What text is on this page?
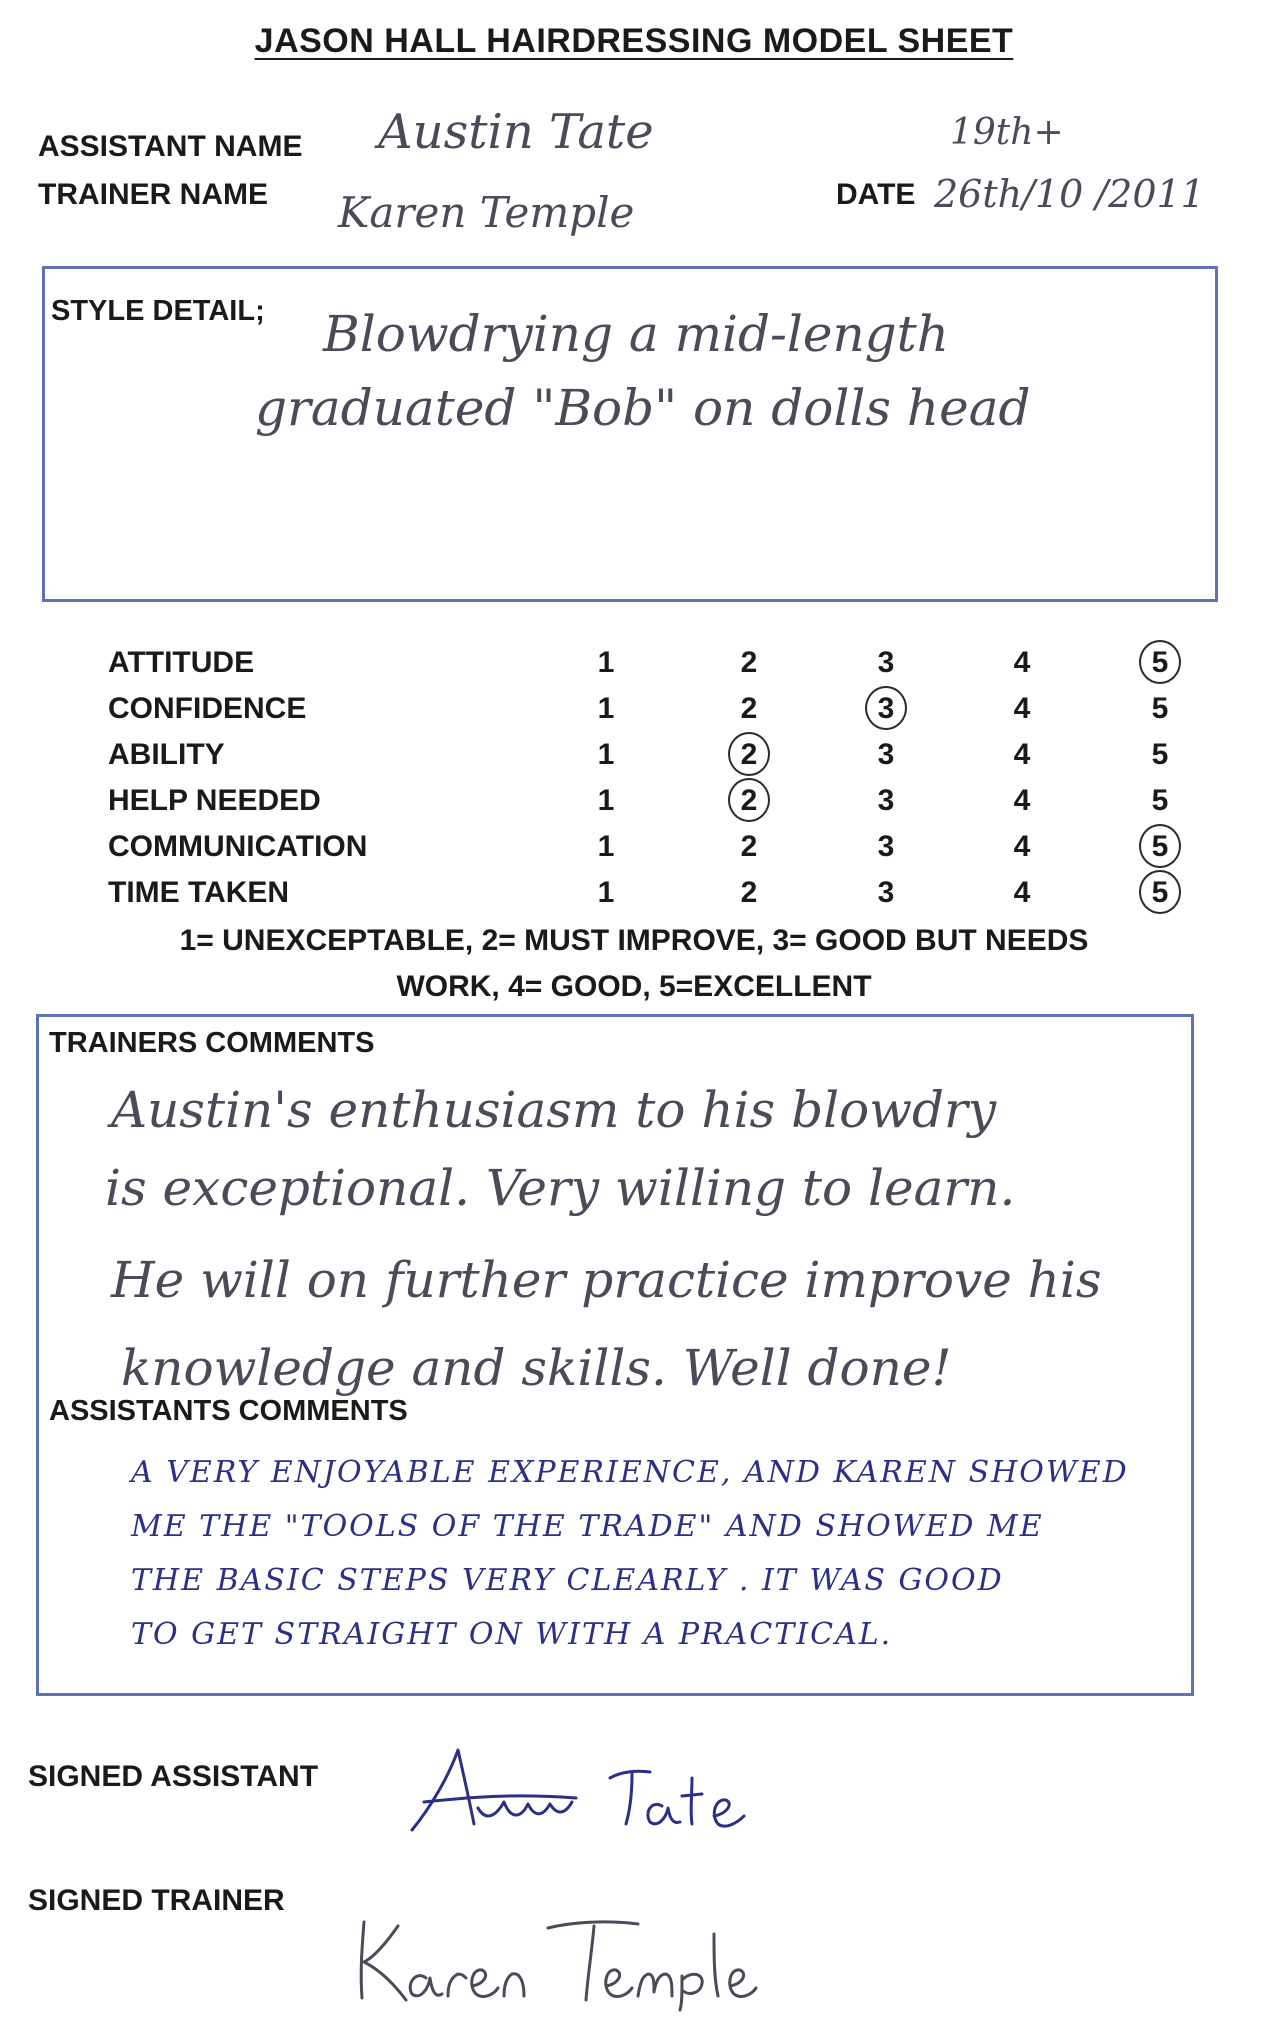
JASON HALL HAIRDRESSING MODEL SHEET
ASSISTANT NAME Austin Tate
TRAINER NAME Karen Temple
19th+
DATE 26th/10 /2011
STYLE DETAIL; Blowdrying a mid-length
graduated "Bob" on dolls head
ATTITUDE	1	2	3	4	5
CONFIDENCE	1	2	3	4	5
ABILITY	1	2	3	4	5
HELP NEEDED	1	2	3	4	5
COMMUNICATION	1	2	3	4	5
TIME TAKEN	1	2	3	4	5
1= UNEXCEPTABLE, 2= MUST IMPROVE, 3= GOOD BUT NEEDS
WORK, 4= GOOD, 5=EXCELLENT
TRAINERS COMMENTS
Austin's enthusiasm to his blowdry
is exceptional. Very willing to learn.
He will on further practice improve his
knowledge and skills. Well done!
ASSISTANTS COMMENTS
A VERY ENJOYABLE EXPERIENCE, AND KAREN SHOWED
ME THE "TOOLS OF THE TRADE" AND SHOWED ME
THE BASIC STEPS VERY CLEARLY . IT WAS GOOD
TO GET STRAIGHT ON WITH A PRACTICAL.
SIGNED ASSISTANT
SIGNED TRAINER
